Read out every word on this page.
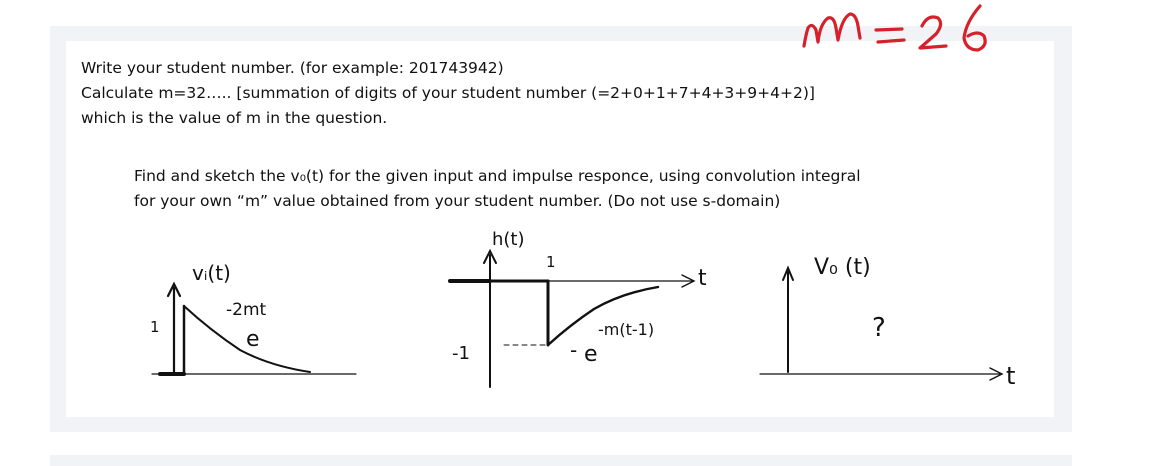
Write your student number. (for example: 201743942)
Calculate m=32….. [summation of digits of your student number (=2+0+1+7+4+3+9+4+2)]
which is the value of m in the question.
Find and sketch the v₀(t) for the given input and impulse responce, using convolution integral
for your own “m” value obtained from your student number. (Do not use s-domain)
vᵢ(t)
1
-2mt
e
h(t)
1
-1
t
- e
-m(t-1)
V₀ (t)
?
t
